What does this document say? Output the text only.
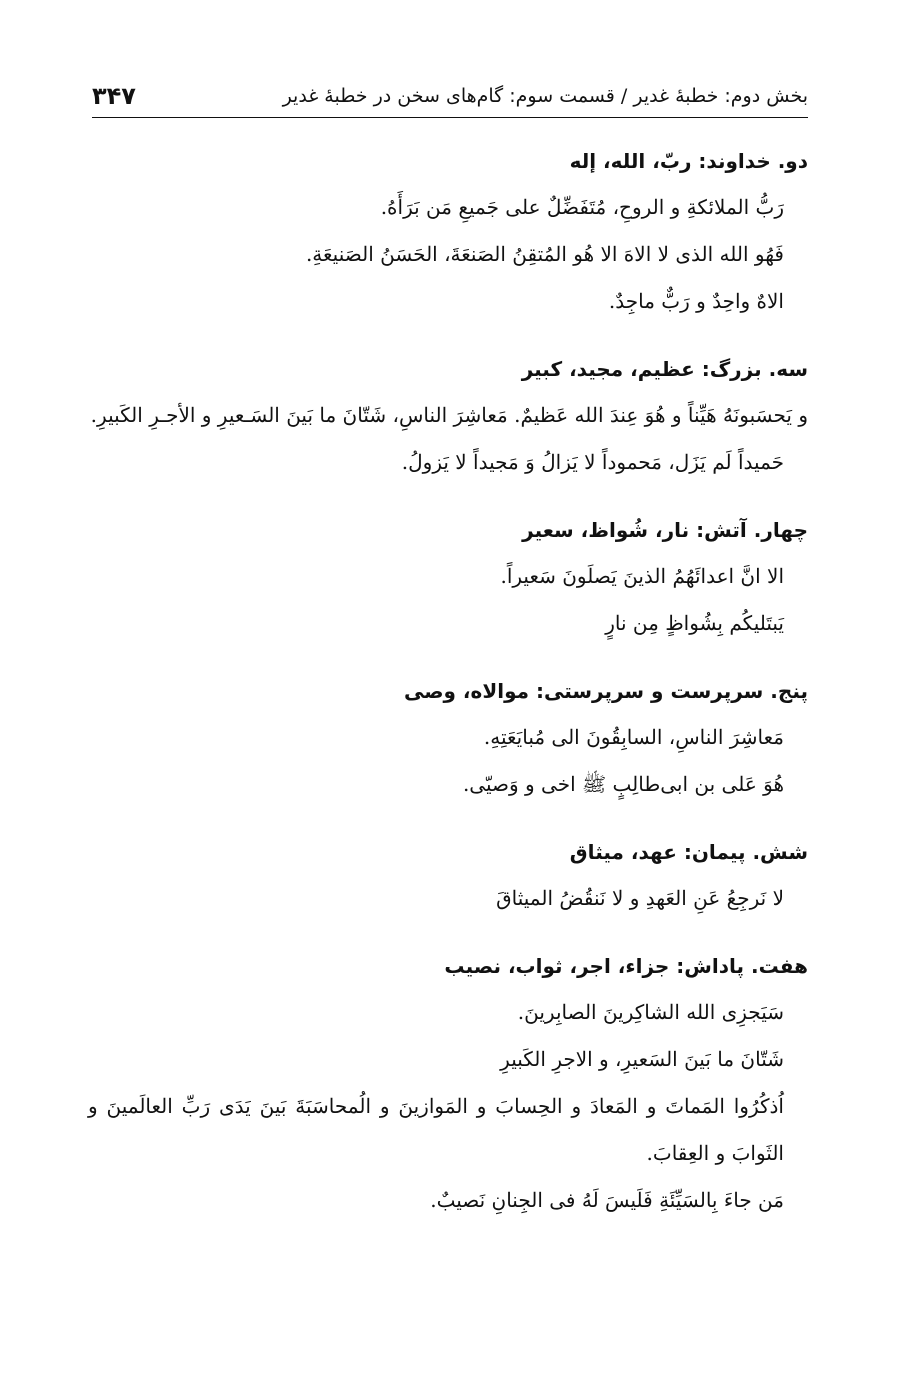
بخش دوم: خطبهٔ غدیر / قسمت سوم: گام‌های سخن در خطبهٔ غدیر
۳۴۷
دو. خداوند: ربّ، الله، إله
رَبُّ الملائکةِ و الروحِ، مُتَفَضِّلٌ علی جَمیعِ مَن بَرَأَهُ.
فَهُو الله الذی لا الاهَ الا هُو المُتقِنُ الصَنعَةَ، الحَسَنُ الصَنیعَةِ.
الاهٌ واحِدٌ و رَبٌّ ماجِدٌ.
سه. بزرگ: عظیم، مجید، کبیر
و یَحسَبونَهُ هَیِّناً و هُوَ عِندَ الله عَظیمٌ. مَعاشِرَ الناسِ، شَتّانَ ما بَینَ السَـعیرِ و الأجـرِ الکَبیرِ.
حَمیداً لَم یَزَل، مَحموداً لا یَزالُ وَ مَجیداً لا یَزولُ.
چهار. آتش: نار، شُواظ، سعیر
الا انَّ اعدائَهُمُ الذینَ یَصلَونَ سَعیراً.
یَبتَلیکُم بِشُواظٍ مِن نارٍ
پنج. سرپرست و سرپرستی: موالاه، وصی
مَعاشِرَ الناسِ، السابِقُونَ الی مُبایَعَتِهِ.
هُوَ عَلی بن ابی‌طالِبٍ ﷺ اخی و وَصیّی.
شش. پیمان: عهد، میثاق
لا نَرجِعُ عَنِ العَهدِ و لا نَنقُضُ المیثاقَ
هفت. پاداش: جزاء، اجر، ثواب، نصیب
سَیَجزِی الله الشاکِرینَ الصابِرینَ.
شَتّانَ ما بَینَ السَعیرِ، و الاجرِ الکَبیرِ
اُذکُرُوا المَماتَ و المَعادَ و الحِسابَ و المَوازینَ و الُمحاسَبَةَ بَینَ یَدَی رَبِّ العالَمینَ و الثَوابَ و العِقابَ.
مَن جاءَ بِالسَیِّئَةِ فَلَیسَ لَهُ فی الجِنانِ نَصیبٌ.
